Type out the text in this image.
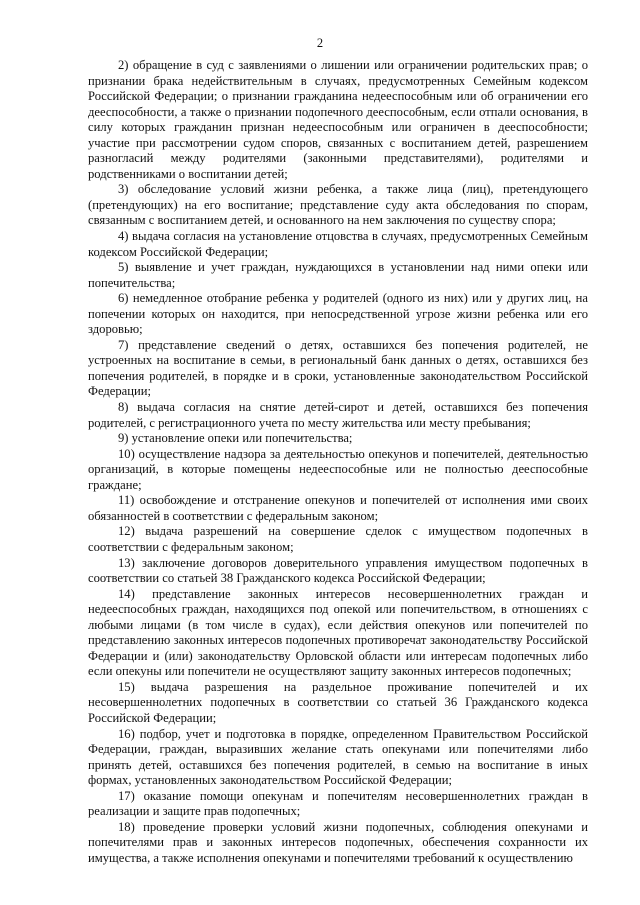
2

2) обращение в суд с заявлениями о лишении или ограничении родительских прав; о признании брака недействительным в случаях, предусмотренных Семейным кодексом Российской Федерации; о признании гражданина недееспособным или об ограничении его дееспособности, а также о признании подопечного дееспособным, если отпали основания, в силу которых гражданин признан недееспособным или ограничен в дееспособности; участие при рассмотрении судом споров, связанных с воспитанием детей, разрешением разногласий между родителями (законными представителями), родителями и родственниками о воспитании детей;

3) обследование условий жизни ребенка, а также лица (лиц), претендующего (претендующих) на его воспитание; представление суду акта обследования по спорам, связанным с воспитанием детей, и основанного на нем заключения по существу спора;

4) выдача согласия на установление отцовства в случаях, предусмотренных Семейным кодексом Российской Федерации;

5) выявление и учет граждан, нуждающихся в установлении над ними опеки или попечительства;

6) немедленное отобрание ребенка у родителей (одного из них) или у других лиц, на попечении которых он находится, при непосредственной угрозе жизни ребенка или его здоровью;

7) представление сведений о детях, оставшихся без попечения родителей, не устроенных на воспитание в семьи, в региональный банк данных о детях, оставшихся без попечения родителей, в порядке и в сроки, установленные законодательством Российской Федерации;

8) выдача согласия на снятие детей-сирот и детей, оставшихся без попечения родителей, с регистрационного учета по месту жительства или месту пребывания;

9) установление опеки или попечительства;

10) осуществление надзора за деятельностью опекунов и попечителей, деятельностью организаций, в которые помещены недееспособные или не полностью дееспособные граждане;

11) освобождение и отстранение опекунов и попечителей от исполнения ими своих обязанностей в соответствии с федеральным законом;

12) выдача разрешений на совершение сделок с имуществом подопечных в соответствии с федеральным законом;

13) заключение договоров доверительного управления имуществом подопечных в соответствии со статьей 38 Гражданского кодекса Российской Федерации;

14) представление законных интересов несовершеннолетних граждан и недееспособных граждан, находящихся под опекой или попечительством, в отношениях с любыми лицами (в том числе в судах), если действия опекунов или попечителей по представлению законных интересов подопечных противоречат законодательству Российской Федерации и (или) законодательству Орловской области или интересам подопечных либо если опекуны или попечители не осуществляют защиту законных интересов подопечных;

15) выдача разрешения на раздельное проживание попечителей и их несовершеннолетних подопечных в соответствии со статьей 36 Гражданского кодекса Российской Федерации;

16) подбор, учет и подготовка в порядке, определенном Правительством Российской Федерации, граждан, выразивших желание стать опекунами или попечителями либо принять детей, оставшихся без попечения родителей, в семью на воспитание в иных формах, установленных законодательством Российской Федерации;

17) оказание помощи опекунам и попечителям несовершеннолетних граждан в реализации и защите прав подопечных;

18) проведение проверки условий жизни подопечных, соблюдения опекунами и попечителями прав и законных интересов подопечных, обеспечения сохранности их имущества, а также исполнения опекунами и попечителями требований к осуществлению
